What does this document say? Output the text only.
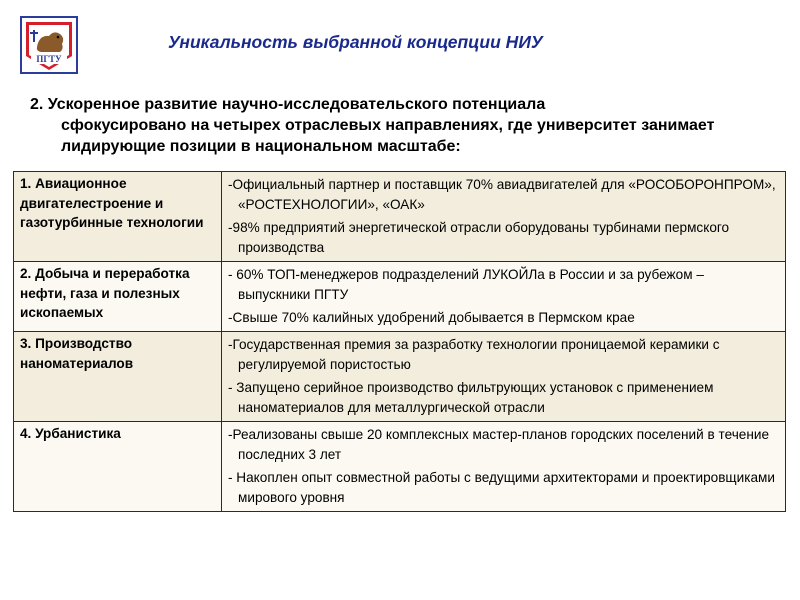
ПГТУ
Уникальность выбранной концепции НИУ
2. Ускоренное развитие научно-исследовательского потенциала
сфокусировано на четырех отраслевых направлениях, где университет занимает лидирующие позиции в национальном масштабе:
1. Авиационное двигателестроение и газотурбинные технологии	-Официальный партнер и поставщик 70% авиадвигателей для «РОСОБОРОНПРОМ», «РОСТЕХНОЛОГИИ», «ОАК»
-98% предприятий энергетической отрасли оборудованы турбинами пермского производства

2. Добыча и переработка нефти, газа и полезных ископаемых	- 60% ТОП-менеджеров подразделений ЛУКОЙЛа в России и за рубежом – выпускники ПГТУ
-Свыше 70% калийных удобрений добывается в Пермском крае

3. Производство наноматериалов	-Государственная премия за разработку технологии проницаемой керамики с регулируемой пористостью
- Запущено серийное производство фильтрующих установок с применением наноматериалов для металлургической отрасли

4. Урбанистика	-Реализованы свыше 20 комплексных мастер-планов городских поселений в течение последних 3 лет
- Накоплен опыт совместной работы с ведущими архитекторами и проектировщиками мирового уровня
